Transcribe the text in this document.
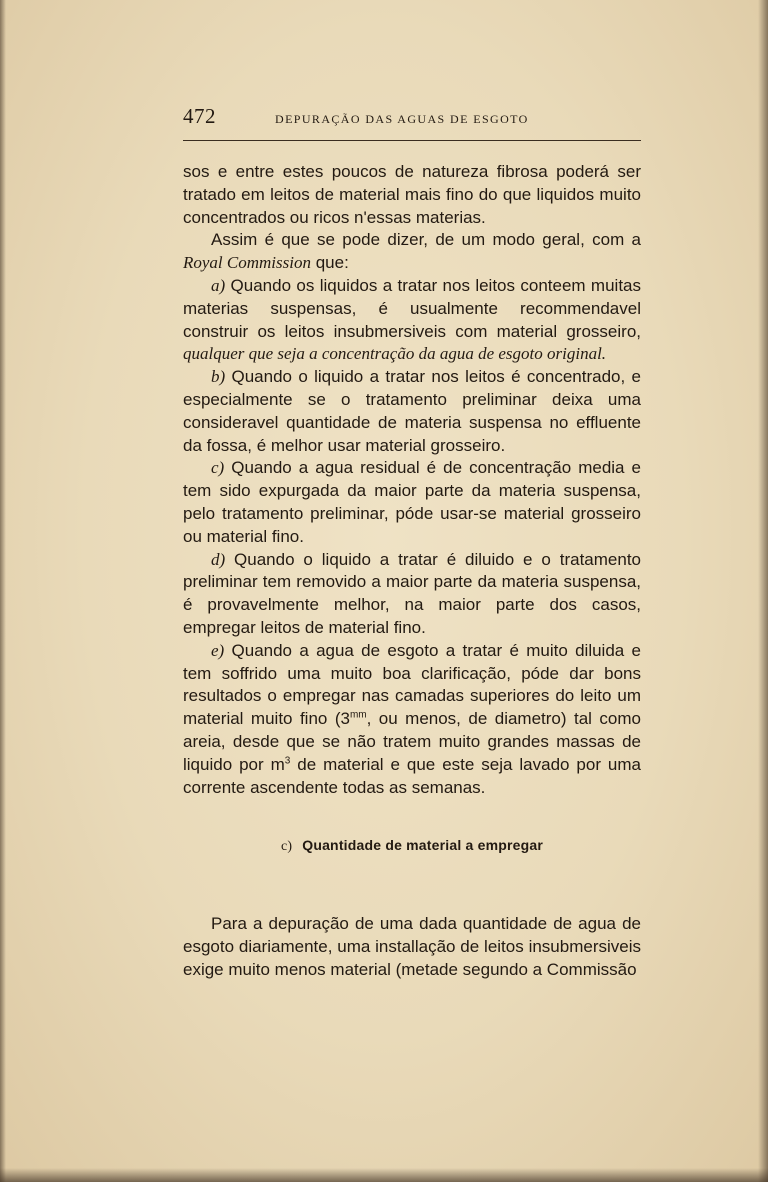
472	DEPURAÇÃO DAS AGUAS DE ESGOTO

sos e entre estes poucos de natureza fibrosa poderá ser tratado em leitos de material mais fino do que liquidos muito concentrados ou ricos n'essas materias.

Assim é que se pode dizer, de um modo geral, com a Royal Commission que:

a) Quando os liquidos a tratar nos leitos conteem muitas materias suspensas, é usualmente recommendavel construir os leitos insubmersiveis com material grosseiro, qualquer que seja a concentração da agua de esgoto original.

b) Quando o liquido a tratar nos leitos é concentrado, e especialmente se o tratamento preliminar deixa uma consideravel quantidade de materia suspensa no effluente da fossa, é melhor usar material grosseiro.

c) Quando a agua residual é de concentração media e tem sido expurgada da maior parte da materia suspensa, pelo tratamento preliminar, póde usar-se material grosseiro ou material fino.

d) Quando o liquido a tratar é diluido e o tratamento preliminar tem removido a maior parte da materia suspensa, é provavelmente melhor, na maior parte dos casos, empregar leitos de material fino.

e) Quando a agua de esgoto a tratar é muito diluida e tem soffrido uma muito boa clarificação, póde dar bons resultados o empregar nas camadas superiores do leito um material muito fino ($3^{mm}$, ou menos, de diametro) tal como areia, desde que se não tratem muito grandes massas de liquido por $m^3$ de material e que este seja lavado por uma corrente ascendente todas as semanas.

c) Quantidade de material a empregar

Para a depuração de uma dada quantidade de agua de esgoto diariamente, uma installação de leitos insubmersiveis exige muito menos material (metade segundo a Commissão
